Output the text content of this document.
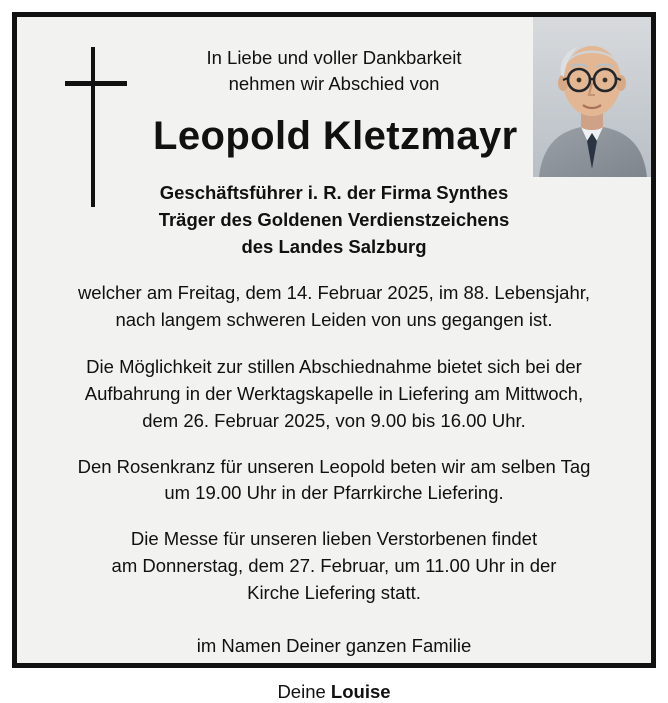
In Liebe und voller Dankbarkeit
nehmen wir Abschied von
Leopold Kletzmayr
Geschäftsführer i. R. der Firma Synthes
Träger des Goldenen Verdienstzeichens
des Landes Salzburg
welcher am Freitag, dem 14. Februar 2025, im 88. Lebensjahr,
nach langem schweren Leiden von uns gegangen ist.
Die Möglichkeit zur stillen Abschiednahme bietet sich bei der
Aufbahrung in der Werktagskapelle in Liefering am Mittwoch,
dem 26. Februar 2025, von 9.00 bis 16.00 Uhr.
Den Rosenkranz für unseren Leopold beten wir am selben Tag
um 19.00 Uhr in der Pfarrkirche Liefering.
Die Messe für unseren lieben Verstorbenen findet
am Donnerstag, dem 27. Februar, um 11.00 Uhr in der
Kirche Liefering statt.
im Namen Deiner ganzen Familie
Deine Louise
